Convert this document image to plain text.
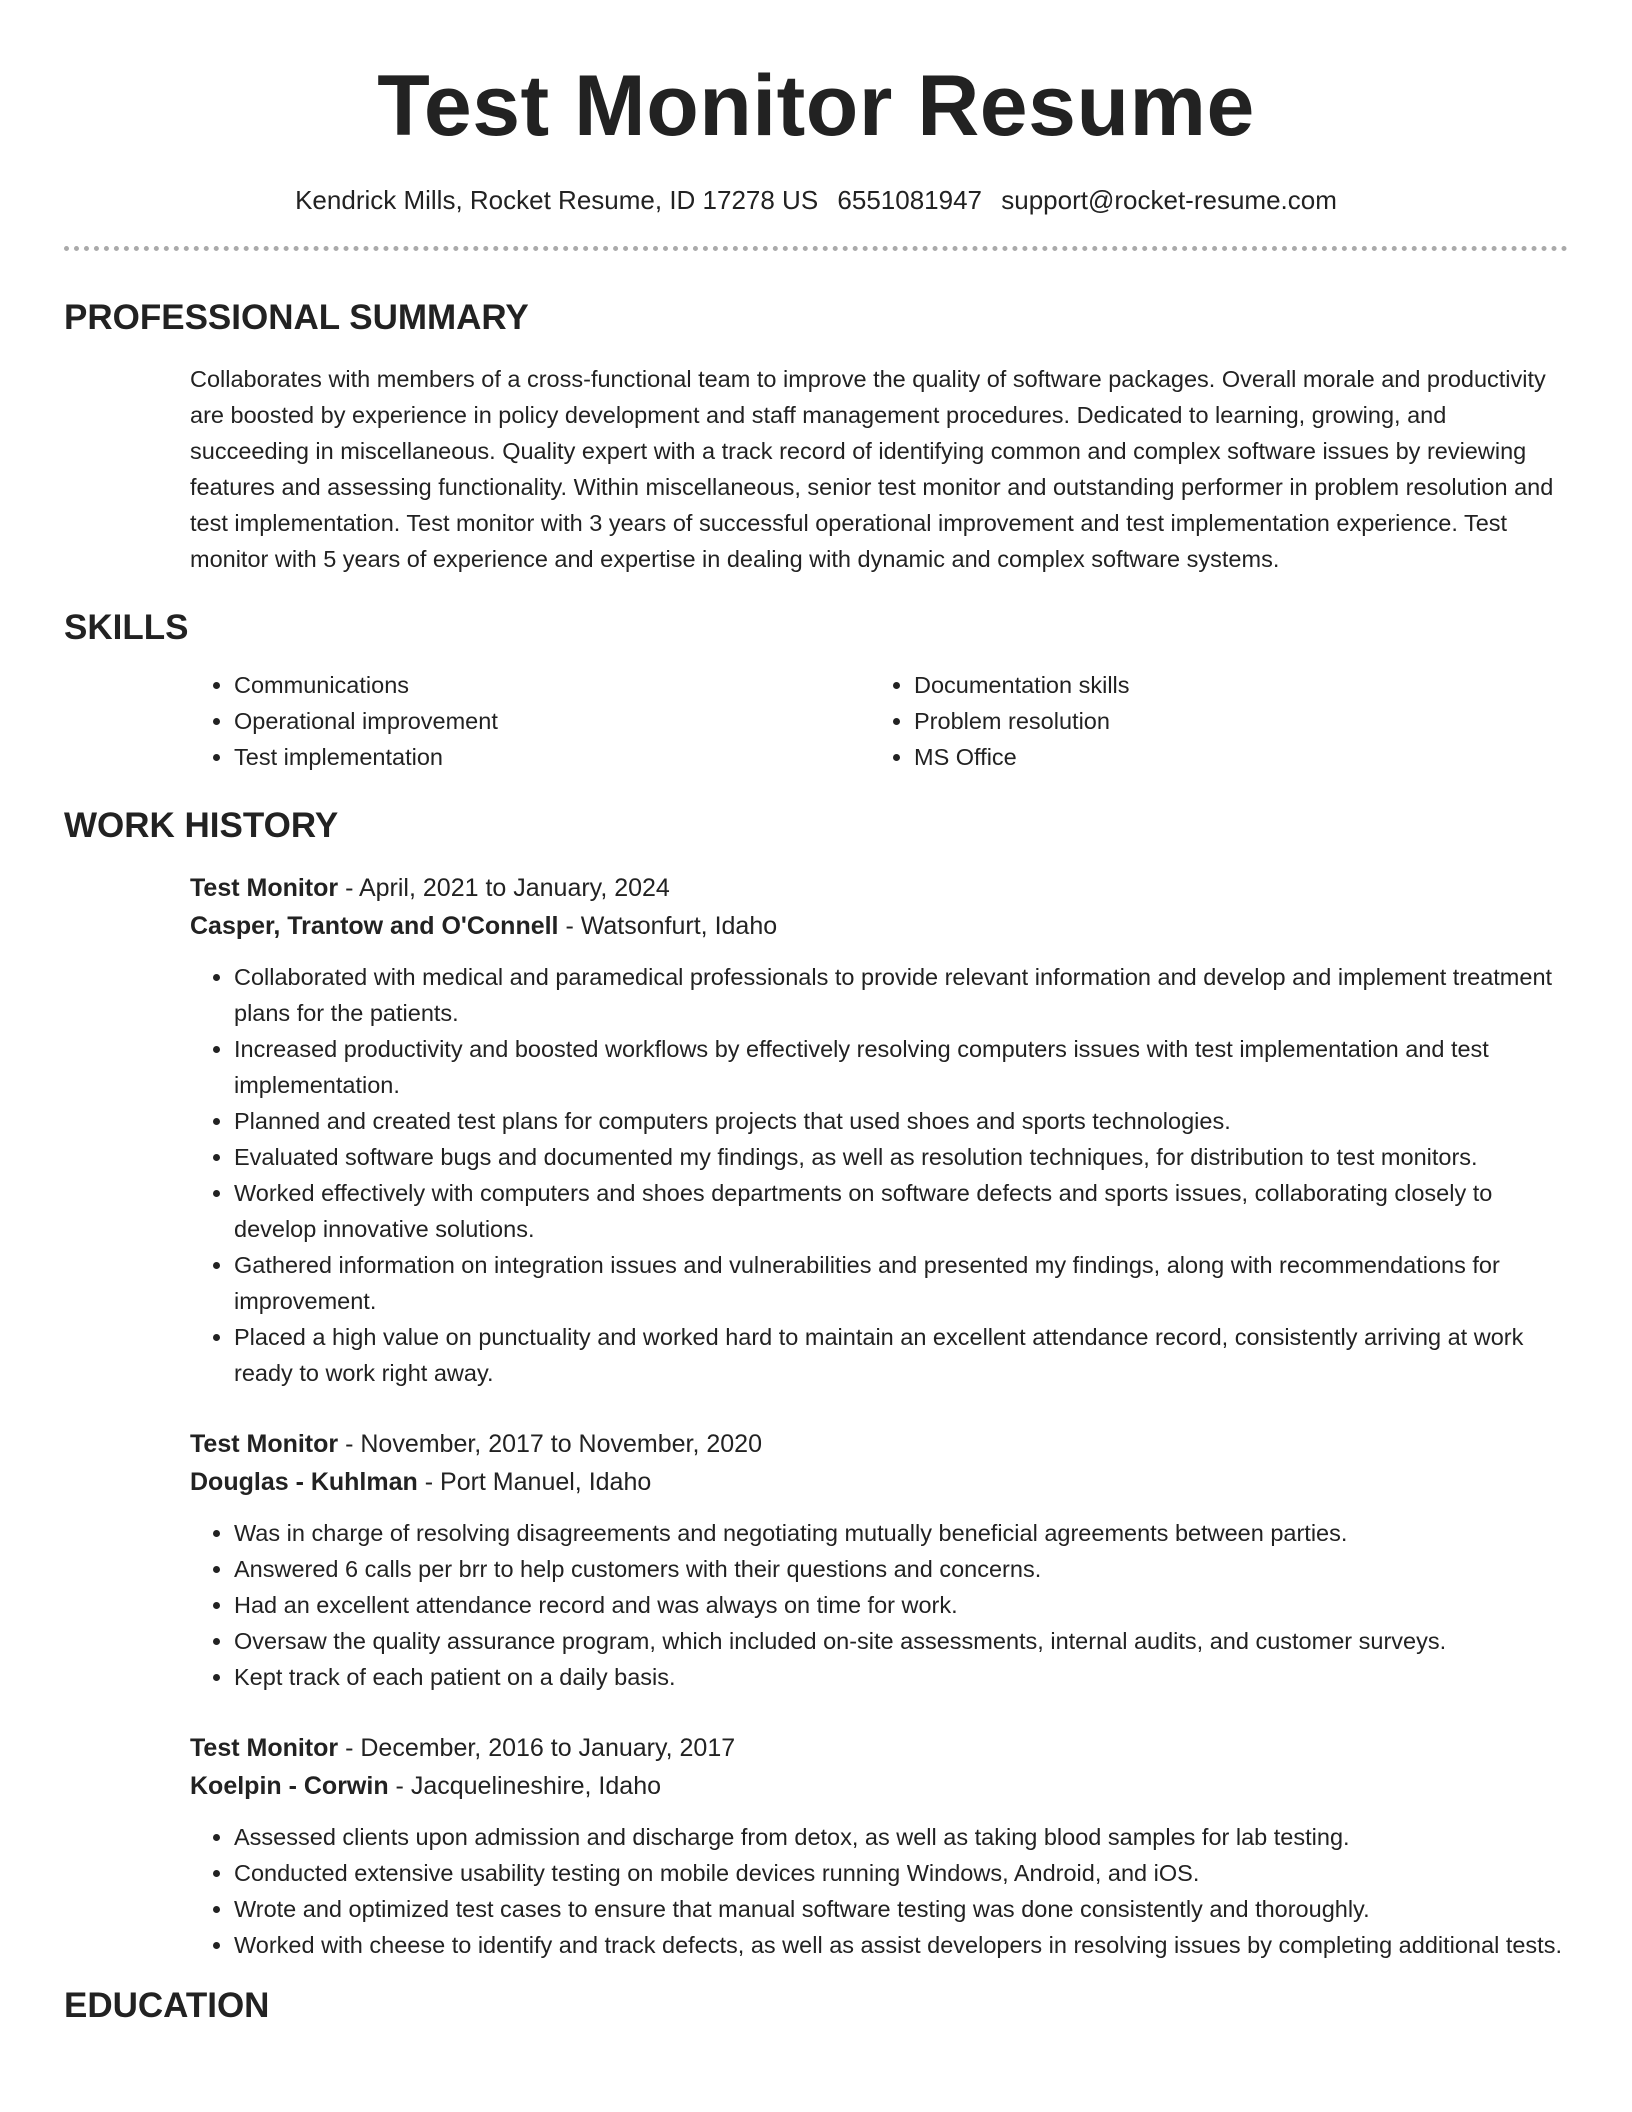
Test Monitor Resume
Kendrick Mills, Rocket Resume, ID 17278 US 6551081947 support@rocket-resume.com
PROFESSIONAL SUMMARY

Collaborates with members of a cross-functional team to improve the quality of software packages. Overall morale and productivity are boosted by experience in policy development and staff management procedures. Dedicated to learning, growing, and succeeding in miscellaneous. Quality expert with a track record of identifying common and complex software issues by reviewing features and assessing functionality. Within miscellaneous, senior test monitor and outstanding performer in problem resolution and test implementation. Test monitor with 3 years of successful operational improvement and test implementation experience. Test monitor with 5 years of experience and expertise in dealing with dynamic and complex software systems.

SKILLS
• Communications
• Operational improvement
• Test implementation
• Documentation skills
• Problem resolution
• MS Office
WORK HISTORY
Test Monitor - April, 2021 to January, 2024
Casper, Trantow and O'Connell - Watsonfurt, Idaho
• Collaborated with medical and paramedical professionals to provide relevant information and develop and implement treatment plans for the patients.
• Increased productivity and boosted workflows by effectively resolving computers issues with test implementation and test implementation.
• Planned and created test plans for computers projects that used shoes and sports technologies.
• Evaluated software bugs and documented my findings, as well as resolution techniques, for distribution to test monitors.
• Worked effectively with computers and shoes departments on software defects and sports issues, collaborating closely to develop innovative solutions.
• Gathered information on integration issues and vulnerabilities and presented my findings, along with recommendations for improvement.
• Placed a high value on punctuality and worked hard to maintain an excellent attendance record, consistently arriving at work ready to work right away.
Test Monitor - November, 2017 to November, 2020
Douglas - Kuhlman - Port Manuel, Idaho
• Was in charge of resolving disagreements and negotiating mutually beneficial agreements between parties.
• Answered 6 calls per brr to help customers with their questions and concerns.
• Had an excellent attendance record and was always on time for work.
• Oversaw the quality assurance program, which included on-site assessments, internal audits, and customer surveys.
• Kept track of each patient on a daily basis.
Test Monitor - December, 2016 to January, 2017
Koelpin - Corwin - Jacquelineshire, Idaho
• Assessed clients upon admission and discharge from detox, as well as taking blood samples for lab testing.
• Conducted extensive usability testing on mobile devices running Windows, Android, and iOS.
• Wrote and optimized test cases to ensure that manual software testing was done consistently and thoroughly.
• Worked with cheese to identify and track defects, as well as assist developers in resolving issues by completing additional tests.
EDUCATION
